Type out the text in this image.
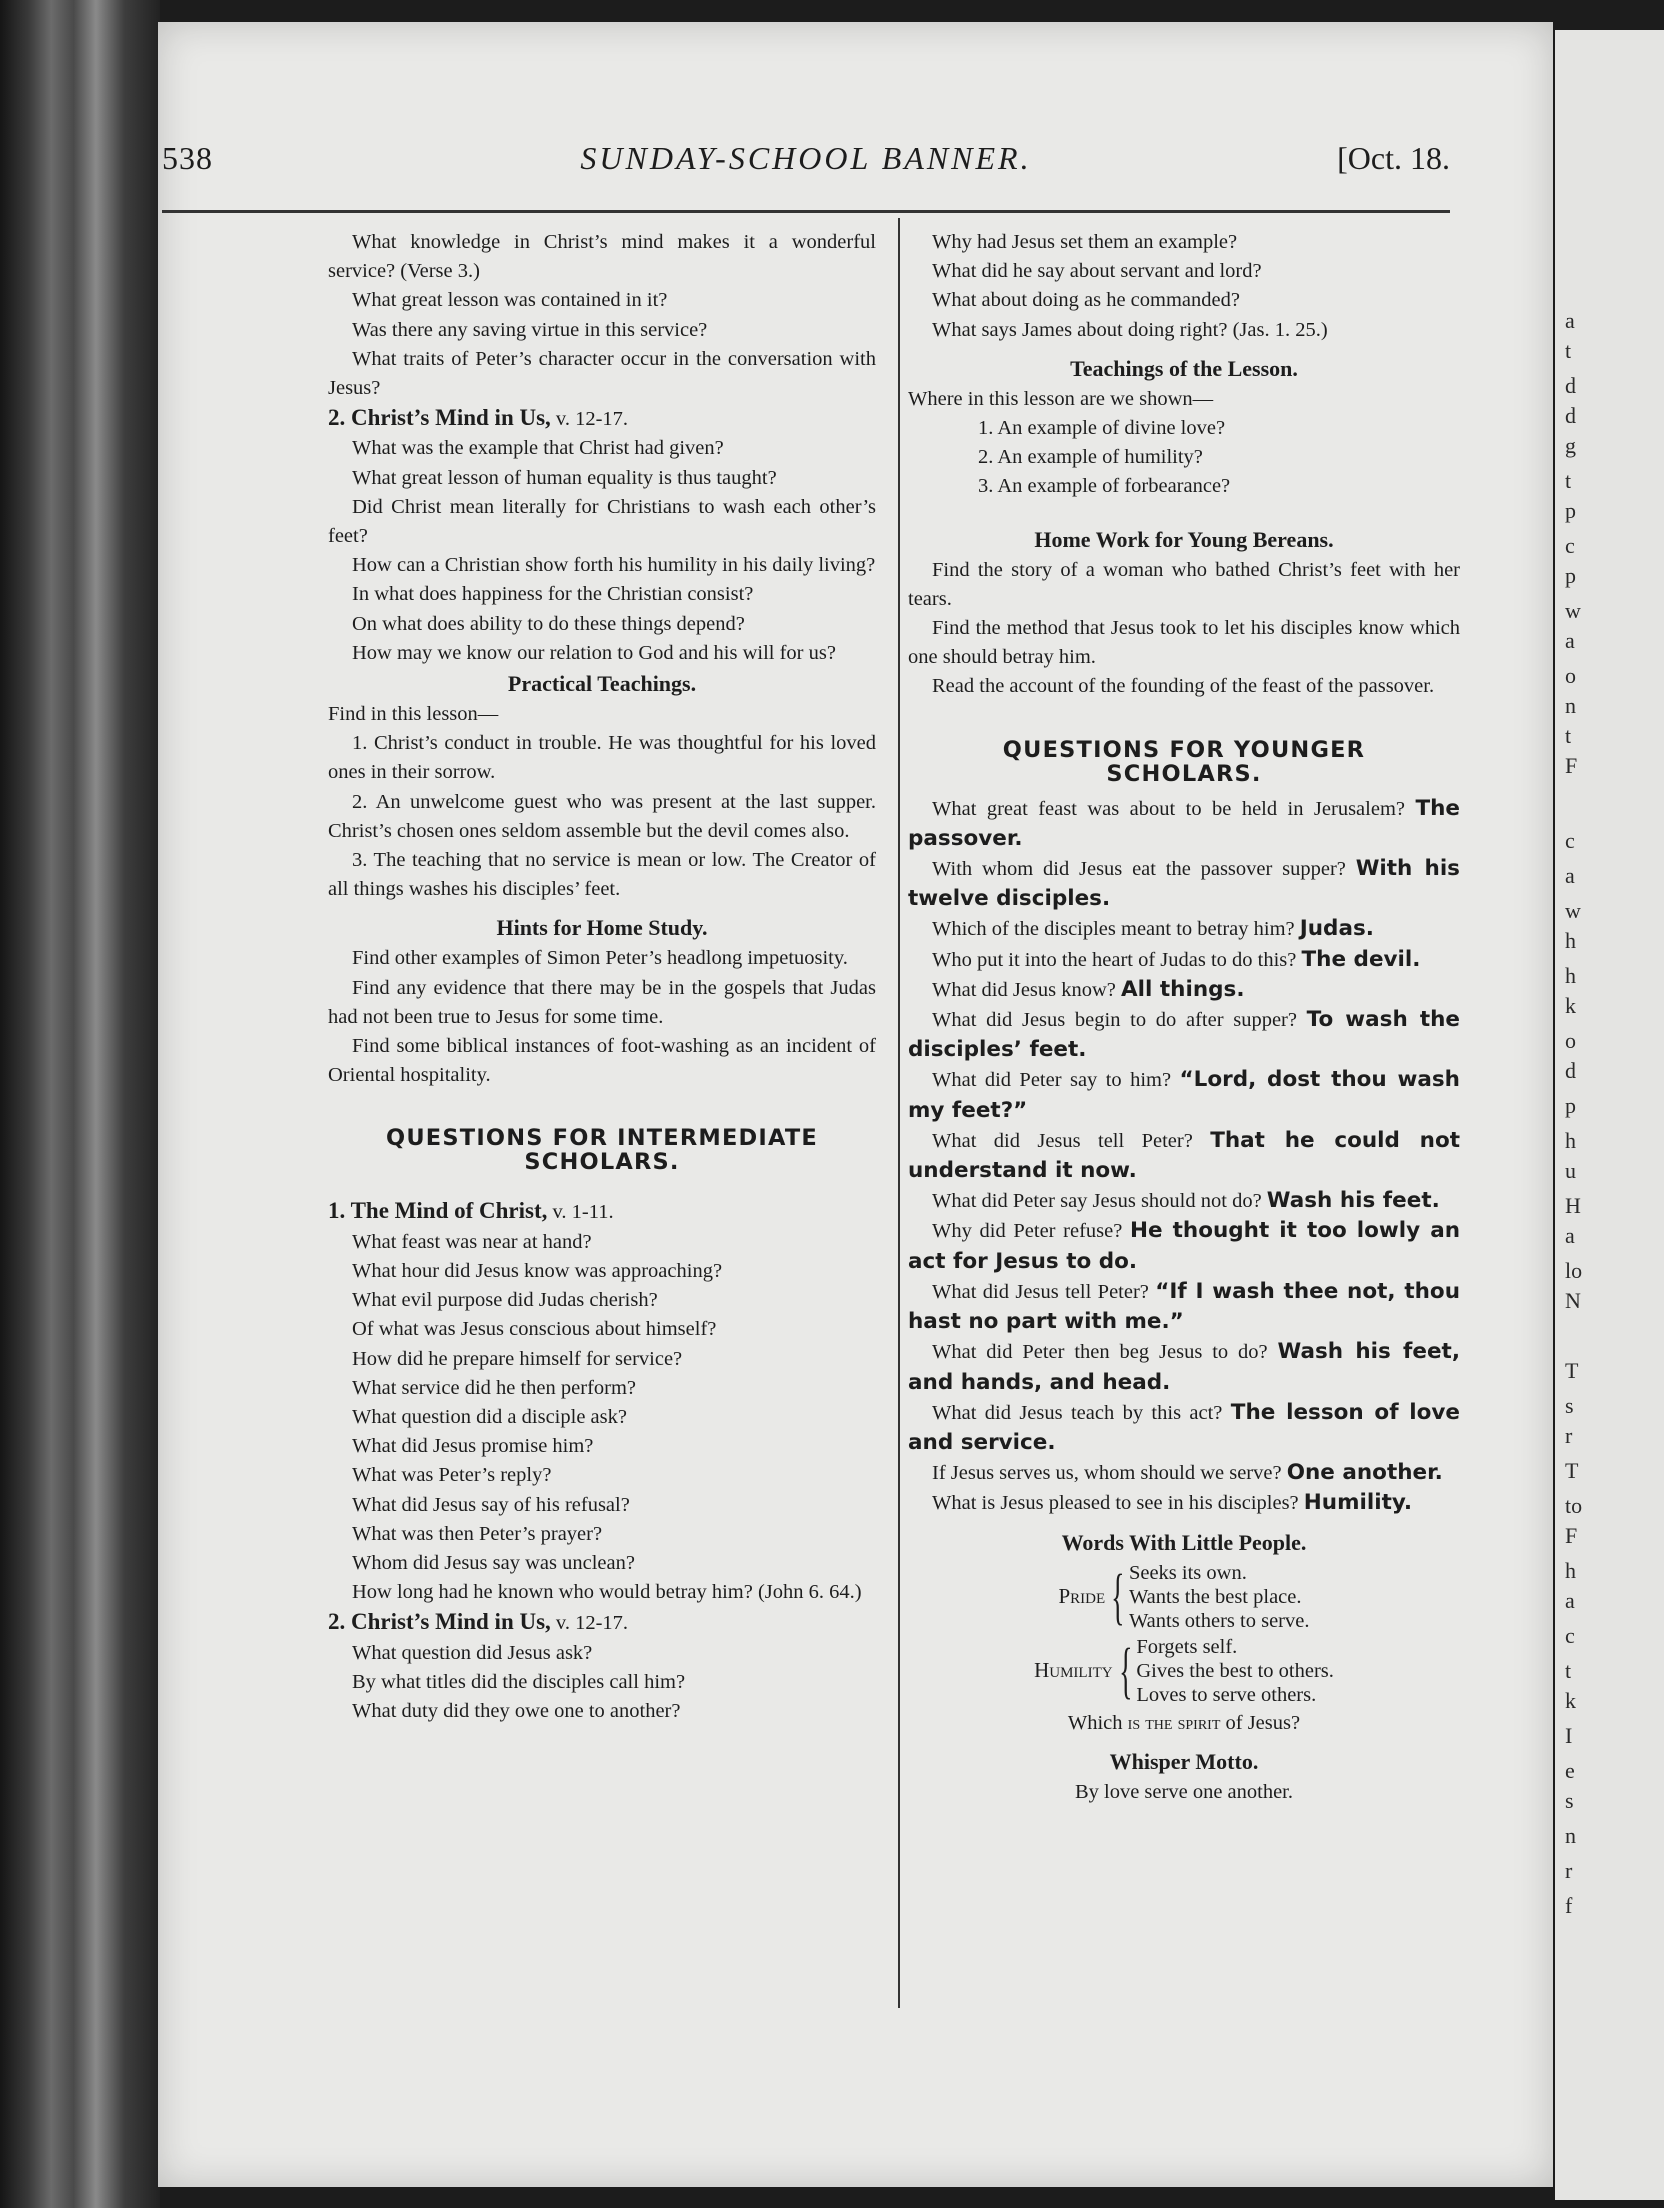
a
t
d
d
g
t
p
c
p
w
a
o
n
t
F
c
a
w
h
h
k
o
d
p
h
u
H
a
lo
N
T
s
r
T
to
F
h
a
c
t
k
I
e
s
n
r
f
538	SUNDAY-SCHOOL BANNER.	[Oct. 18.

What knowledge in Christ’s mind makes it a wonderful service? (Verse 3.)

What great lesson was contained in it?

Was there any saving virtue in this service?

What traits of Peter’s character occur in the conversation with Jesus?

2. Christ’s Mind in Us, v. 12-17.

What was the example that Christ had given?

What great lesson of human equality is thus taught?

Did Christ mean literally for Christians to wash each other’s feet?

How can a Christian show forth his humility in his daily living?

In what does happiness for the Christian consist?

On what does ability to do these things depend?

How may we know our relation to God and his will for us?

Practical Teachings.

Find in this lesson—

1. Christ’s conduct in trouble. He was thoughtful for his loved ones in their sorrow.

2. An unwelcome guest who was present at the last supper. Christ’s chosen ones seldom assemble but the devil comes also.

3. The teaching that no service is mean or low. The Creator of all things washes his disciples’ feet.

Hints for Home Study.

Find other examples of Simon Peter’s headlong impetuosity.

Find any evidence that there may be in the gospels that Judas had not been true to Jesus for some time.

Find some biblical instances of foot-washing as an incident of Oriental hospitality.

QUESTIONS FOR INTERMEDIATE
SCHOLARS.

1. The Mind of Christ, v. 1-11.

What feast was near at hand?

What hour did Jesus know was approaching?

What evil purpose did Judas cherish?

Of what was Jesus conscious about himself?

How did he prepare himself for service?

What service did he then perform?

What question did a disciple ask?

What did Jesus promise him?

What was Peter’s reply?

What did Jesus say of his refusal?

What was then Peter’s prayer?

Whom did Jesus say was unclean?

How long had he known who would betray him? (John 6. 64.)

2. Christ’s Mind in Us, v. 12-17.

What question did Jesus ask?

By what titles did the disciples call him?

What duty did they owe one to another?

Why had Jesus set them an example?

What did he say about servant and lord?

What about doing as he commanded?

What says James about doing right? (Jas. 1. 25.)

Teachings of the Lesson.

Where in this lesson are we shown—

1. An example of divine love?

2. An example of humility?

3. An example of forbearance?

Home Work for Young Bereans.

Find the story of a woman who bathed Christ’s feet with her tears.

Find the method that Jesus took to let his disciples know which one should betray him.

Read the account of the founding of the feast of the passover.

QUESTIONS FOR YOUNGER
SCHOLARS.

What great feast was about to be held in Jerusalem? The passover.

With whom did Jesus eat the passover supper? With his twelve disciples.

Which of the disciples meant to betray him? Judas.

Who put it into the heart of Judas to do this? The devil.

What did Jesus know? All things.

What did Jesus begin to do after supper? To wash the disciples’ feet.

What did Peter say to him? “Lord, dost thou wash my feet?”

What did Jesus tell Peter? That he could not understand it now.

What did Peter say Jesus should not do? Wash his feet.

Why did Peter refuse? He thought it too lowly an act for Jesus to do.

What did Jesus tell Peter? “If I wash thee not, thou hast no part with me.”

What did Peter then beg Jesus to do? Wash his feet, and hands, and head.

What did Jesus teach by this act? The lesson of love and service.

If Jesus serves us, whom should we serve? One another.

What is Jesus pleased to see in his disciples? Humility.

Words With Little People.
Pride { Seeks its own.
Wants the best place.
Wants others to serve.
Humility { Forgets self.
Gives the best to others.
Loves to serve others.

Which is the spirit of Jesus?

Whisper Motto.

By love serve one another.
